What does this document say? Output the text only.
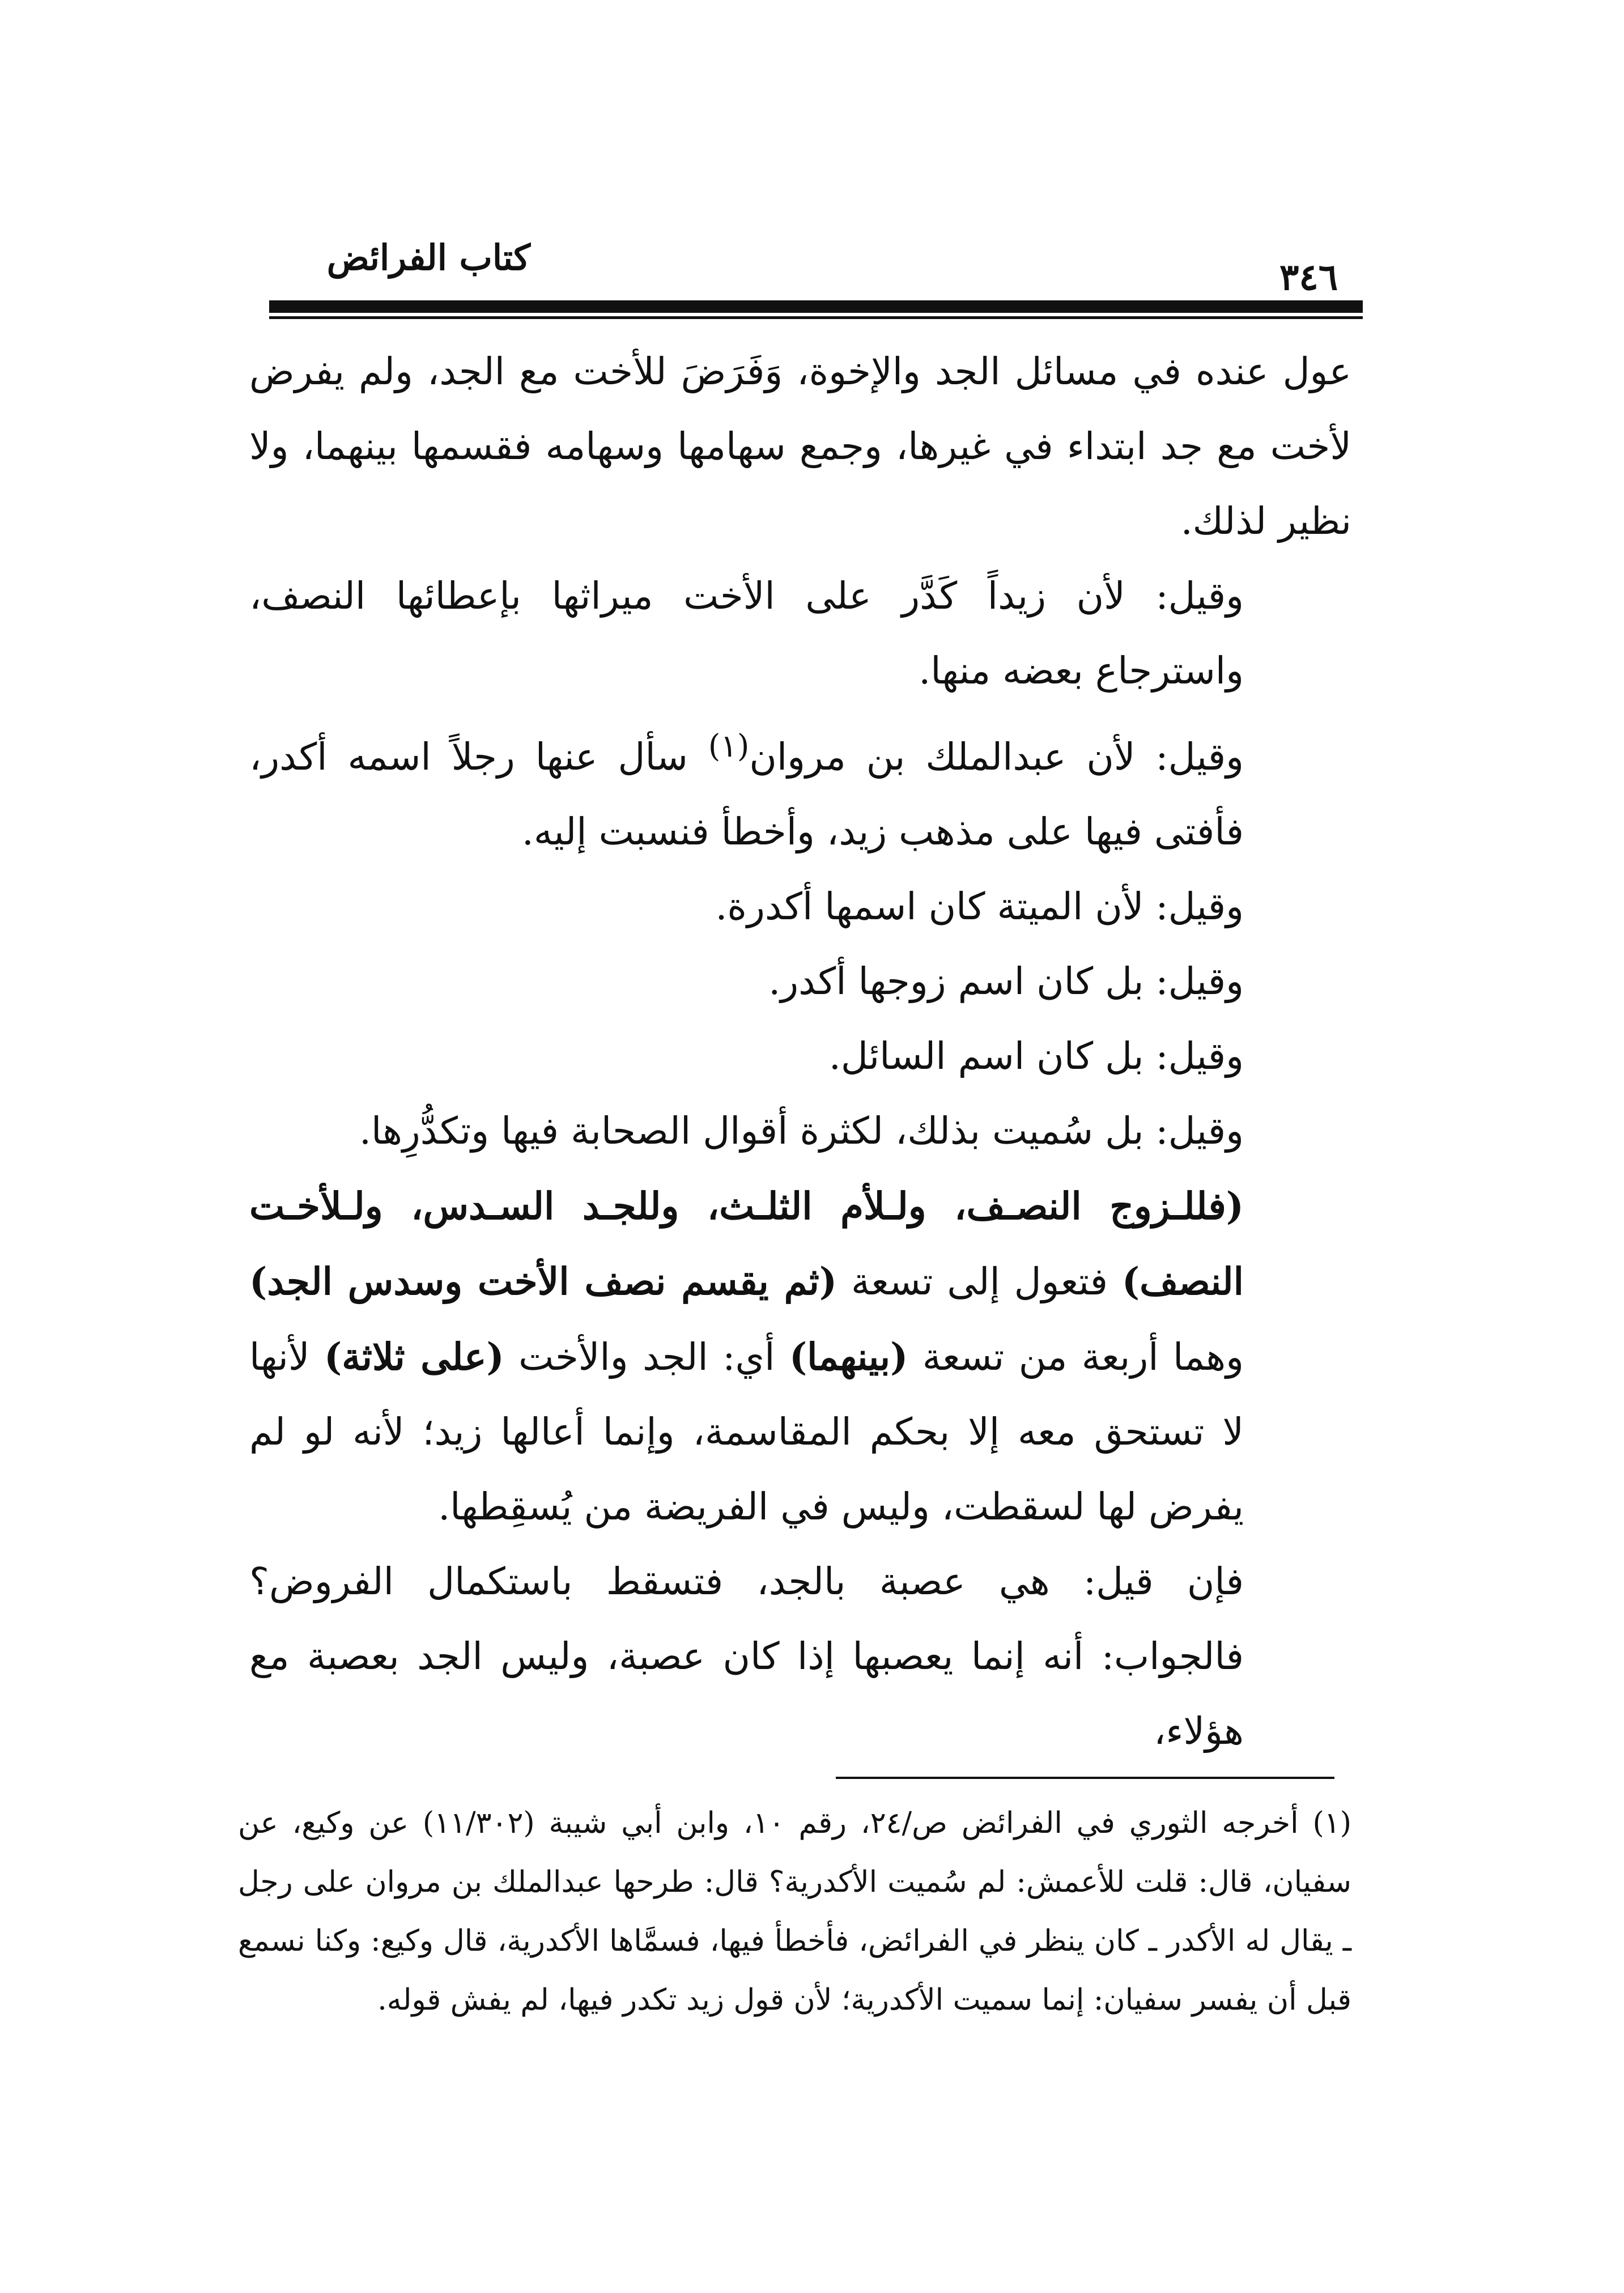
كتاب الفرائض	٣٤٦

عول عنده في مسائل الجد والإخوة، وَفَرَضَ للأخت مع الجد، ولم يفرض لأخت مع جد ابتداء في غيرها، وجمع سهامها وسهامه فقسمها بينهما، ولا نظير لذلك.

وقيل: لأن زيداً كَدَّر على الأخت ميراثها بإعطائها النصف، واسترجاع بعضه منها.

وقيل: لأن عبدالملك بن مروان$^{(١)}$ سأل عنها رجلاً اسمه أكدر، فأفتى فيها على مذهب زيد، وأخطأ فنسبت إليه.

وقيل: لأن الميتة كان اسمها أكدرة.

وقيل: بل كان اسم زوجها أكدر.

وقيل: بل كان اسم السائل.

وقيل: بل سُميت بذلك، لكثرة أقوال الصحابة فيها وتكدُّرِها.

(فللـزوج النصـف، ولـلأم الثلـث، وللجـد السـدس، ولـلأخـت النصف) فتعول إلى تسعة (ثم يقسم نصف الأخت وسدس الجد) وهما أربعة من تسعة (بينهما) أي: الجد والأخت (على ثلاثة) لأنها لا تستحق معه إلا بحكم المقاسمة، وإنما أعالها زيد؛ لأنه لو لم يفرض لها لسقطت، وليس في الفريضة من يُسقِطها.

فإن قيل: هي عصبة بالجد، فتسقط باستكمال الفروض؟ فالجواب: أنه إنما يعصبها إذا كان عصبة، وليس الجد بعصبة مع هؤلاء،

(١) أخرجه الثوري في الفرائض ص/٢٤، رقم ١٠، وابن أبي شيبة (١١/٣٠٢) عن وكيع، عن سفيان، قال: قلت للأعمش: لم سُميت الأكدرية؟ قال: طرحها عبدالملك بن مروان على رجل ـ يقال له الأكدر ـ كان ينظر في الفرائض، فأخطأ فيها، فسمَّاها الأكدرية، قال وكيع: وكنا نسمع قبل أن يفسر سفيان: إنما سميت الأكدرية؛ لأن قول زيد تكدر فيها، لم يفش قوله.
